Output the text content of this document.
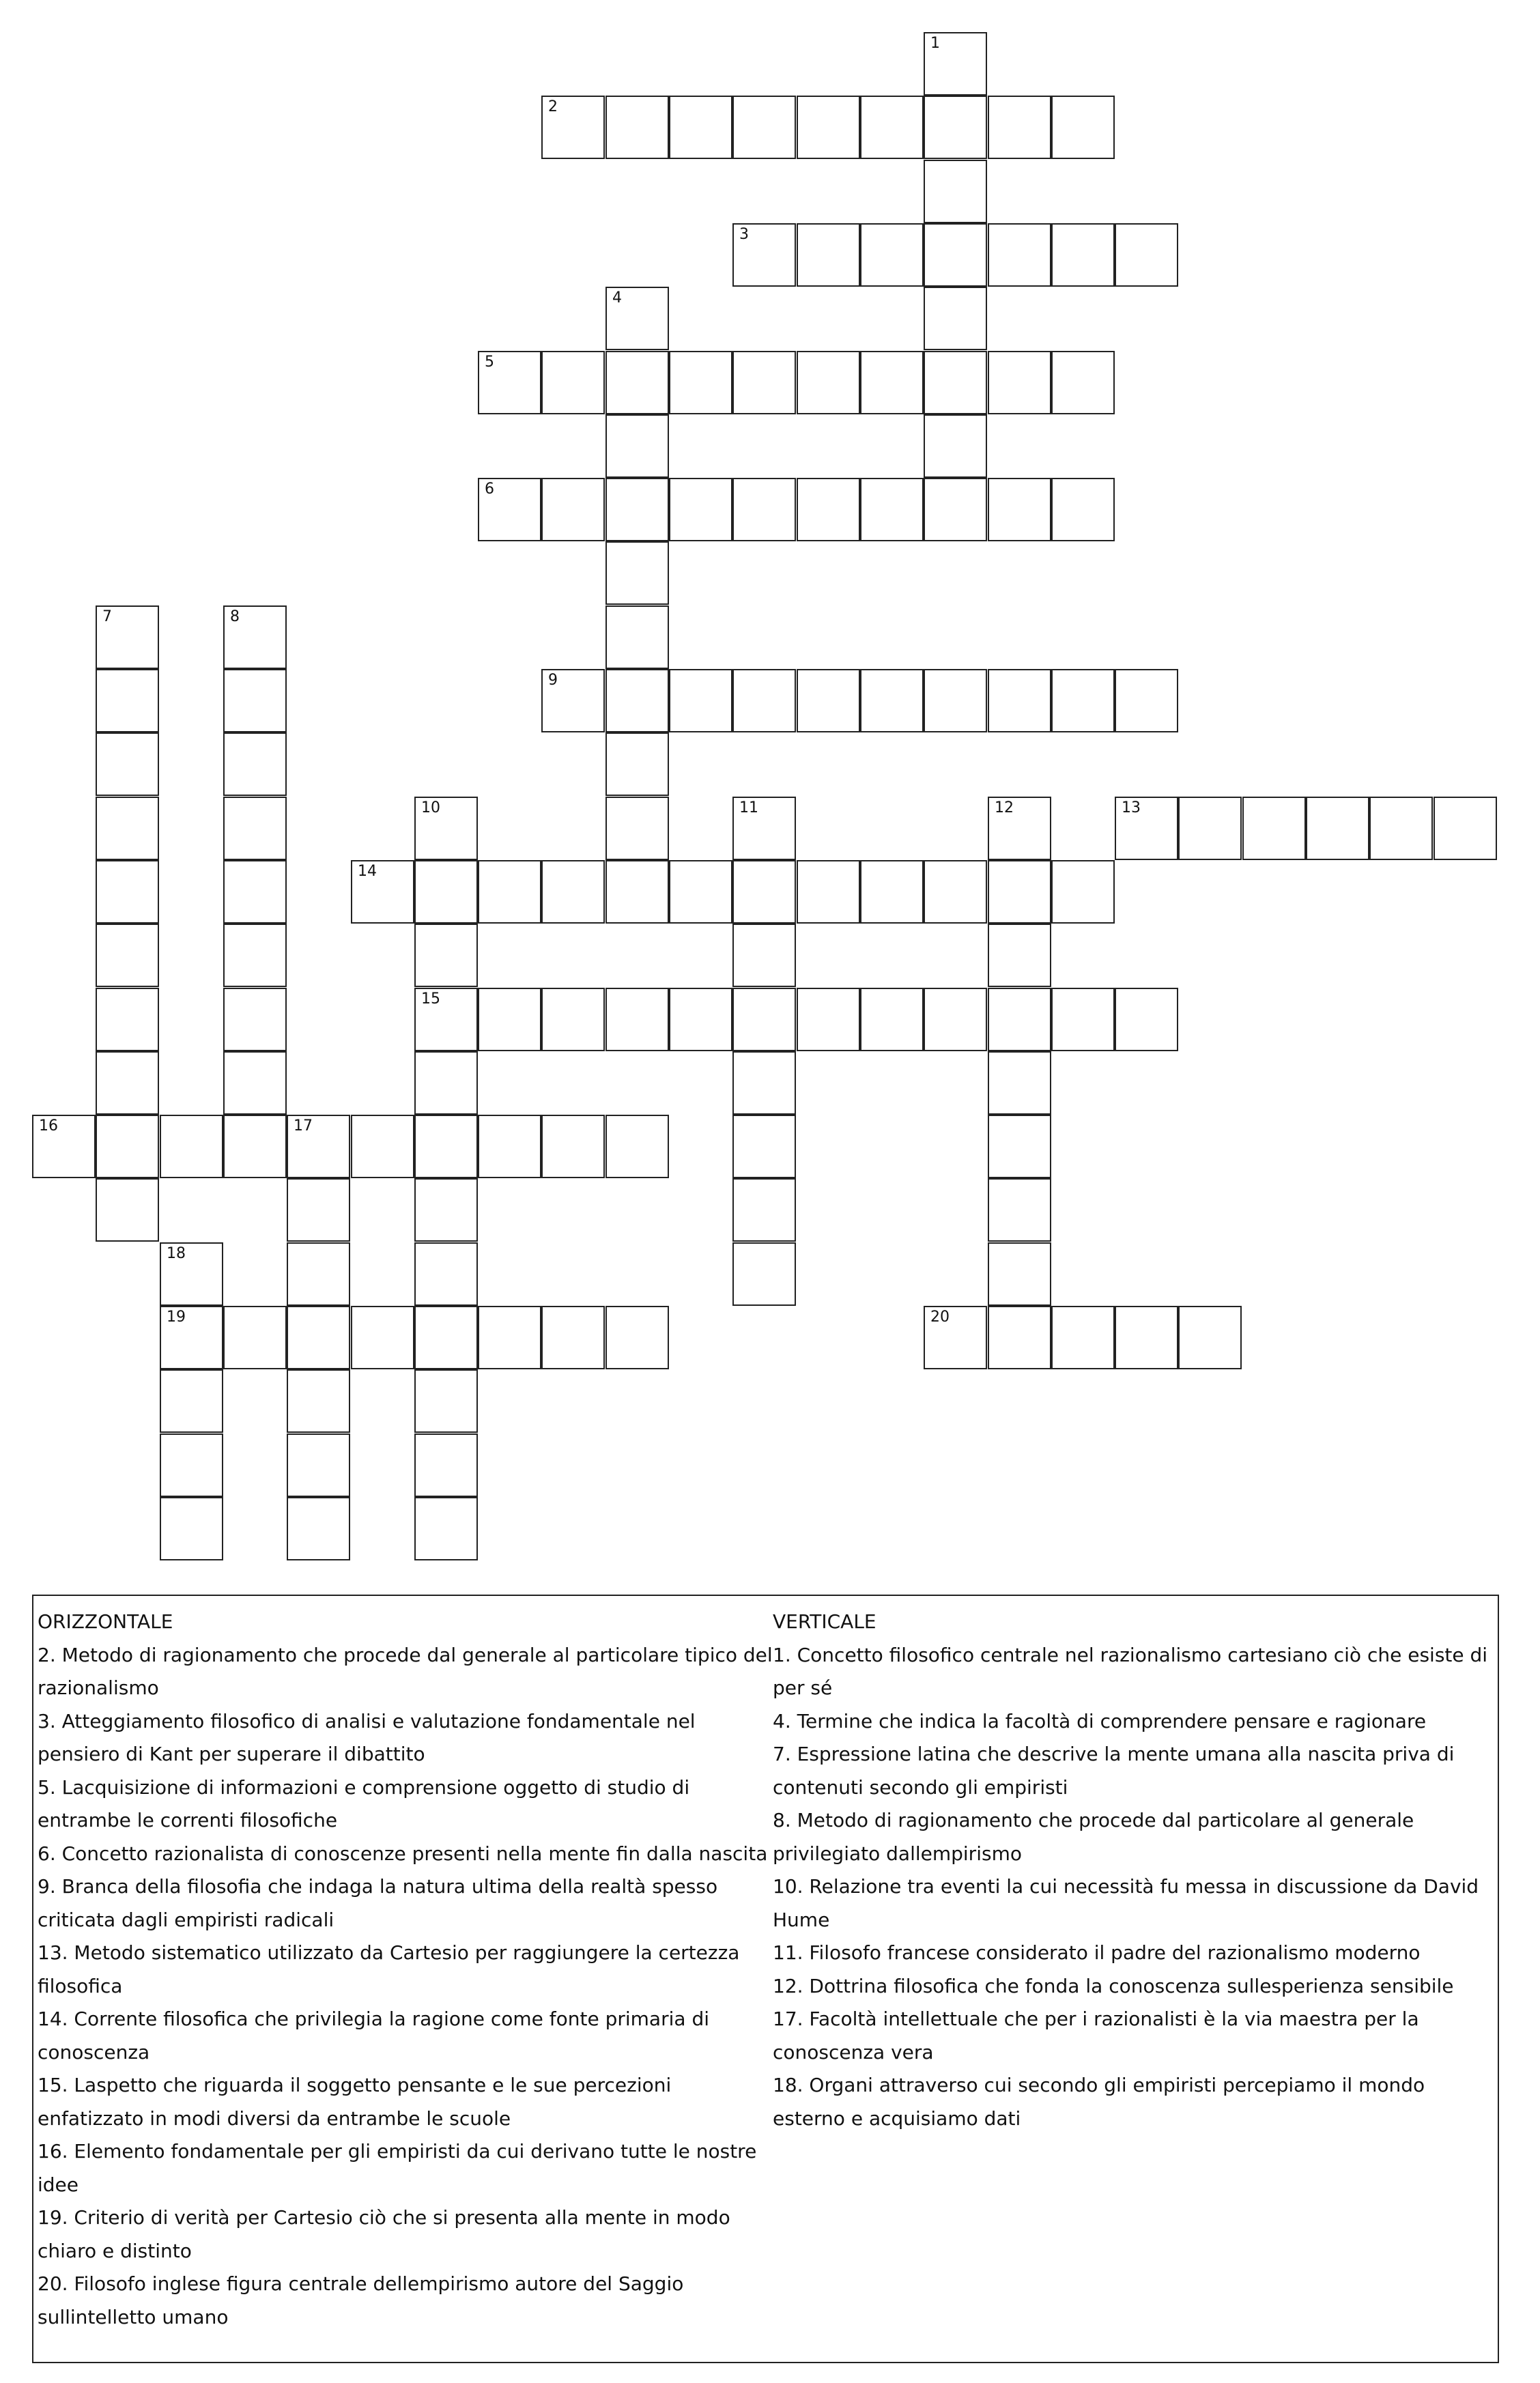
1
2
3
4
5
6
7	8
9
10
15
11	12	13
14
16	17
18
19	20

ORIZZONTALE

2. Metodo di ragionamento che procede dal generale al particolare tipico del razionalismo

3. Atteggiamento filosofico di analisi e valutazione fondamentale nel pensiero di Kant per superare il dibattito

5. Lacquisizione di informazioni e comprensione oggetto di studio di entrambe le correnti filosofiche

6. Concetto razionalista di conoscenze presenti nella mente fin dalla nascita

9. Branca della filosofia che indaga la natura ultima della realtà spesso criticata dagli empiristi radicali

13. Metodo sistematico utilizzato da Cartesio per raggiungere la certezza filosofica

14. Corrente filosofica che privilegia la ragione come fonte primaria di conoscenza

15. Laspetto che riguarda il soggetto pensante e le sue percezioni enfatizzato in modi diversi da entrambe le scuole

16. Elemento fondamentale per gli empiristi da cui derivano tutte le nostre idee

19. Criterio di verità per Cartesio ciò che si presenta alla mente in modo chiaro e distinto

20. Filosofo inglese figura centrale dellempirismo autore del Saggio sullintelletto umano

VERTICALE

1. Concetto filosofico centrale nel razionalismo cartesiano ciò che esiste di per sé

4. Termine che indica la facoltà di comprendere pensare e ragionare

7. Espressione latina che descrive la mente umana alla nascita priva di contenuti secondo gli empiristi

8. Metodo di ragionamento che procede dal particolare al generale privilegiato dallempirismo

10. Relazione tra eventi la cui necessità fu messa in discussione da David Hume

11. Filosofo francese considerato il padre del razionalismo moderno

12. Dottrina filosofica che fonda la conoscenza sullesperienza sensibile

17. Facoltà intellettuale che per i razionalisti è la via maestra per la conoscenza vera

18. Organi attraverso cui secondo gli empiristi percepiamo il mondo esterno e acquisiamo dati
